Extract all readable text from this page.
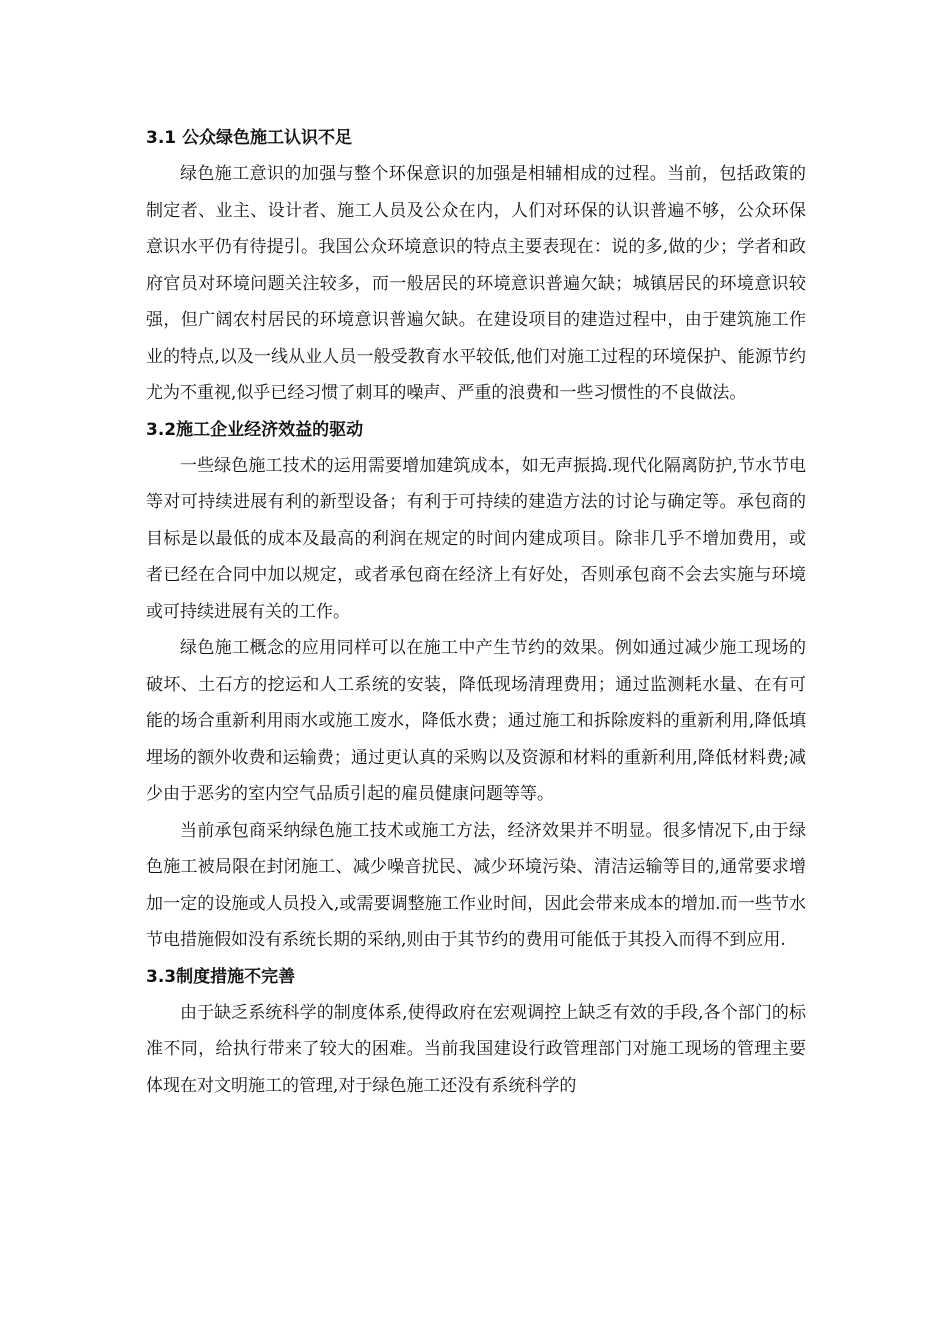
3.1 公众绿色施工认识不足

绿色施工意识的加强与整个环保意识的加强是相辅相成的过程。当前，包括政策的制定者、业主、设计者、施工人员及公众在内，人们对环保的认识普遍不够，公众环保意识水平仍有待提引。我国公众环境意识的特点主要表现在：说的多,做的少；学者和政府官员对环境问题关注较多，而一般居民的环境意识普遍欠缺；城镇居民的环境意识较强，但广阔农村居民的环境意识普遍欠缺。在建设项目的建造过程中，由于建筑施工作业的特点,以及一线从业人员一般受教育水平较低,他们对施工过程的环境保护、能源节约尤为不重视,似乎已经习惯了刺耳的噪声、严重的浪费和一些习惯性的不良做法。

3.2施工企业经济效益的驱动

一些绿色施工技术的运用需要增加建筑成本，如无声振捣.现代化隔离防护,节水节电等对可持续进展有利的新型设备；有利于可持续的建造方法的讨论与确定等。承包商的目标是以最低的成本及最高的利润在规定的时间内建成项目。除非几乎不增加费用，或者已经在合同中加以规定，或者承包商在经济上有好处，否则承包商不会去实施与环境或可持续进展有关的工作。

绿色施工概念的应用同样可以在施工中产生节约的效果。例如通过减少施工现场的破坏、土石方的挖运和人工系统的安装，降低现场清理费用；通过监测耗水量、在有可能的场合重新利用雨水或施工废水，降低水费；通过施工和拆除废料的重新利用,降低填埋场的额外收费和运输费；通过更认真的采购以及资源和材料的重新利用,降低材料费;减少由于恶劣的室内空气品质引起的雇员健康问题等等。

当前承包商采纳绿色施工技术或施工方法，经济效果并不明显。很多情况下,由于绿色施工被局限在封闭施工、减少噪音扰民、减少环境污染、清洁运输等目的,通常要求增加一定的设施或人员投入,或需要调整施工作业时间，因此会带来成本的增加.而一些节水节电措施假如没有系统长期的采纳,则由于其节约的费用可能低于其投入而得不到应用.

3.3制度措施不完善

由于缺乏系统科学的制度体系,使得政府在宏观调控上缺乏有效的手段,各个部门的标准不同，给执行带来了较大的困难。当前我国建设行政管理部门对施工现场的管理主要体现在对文明施工的管理,对于绿色施工还没有系统科学的
